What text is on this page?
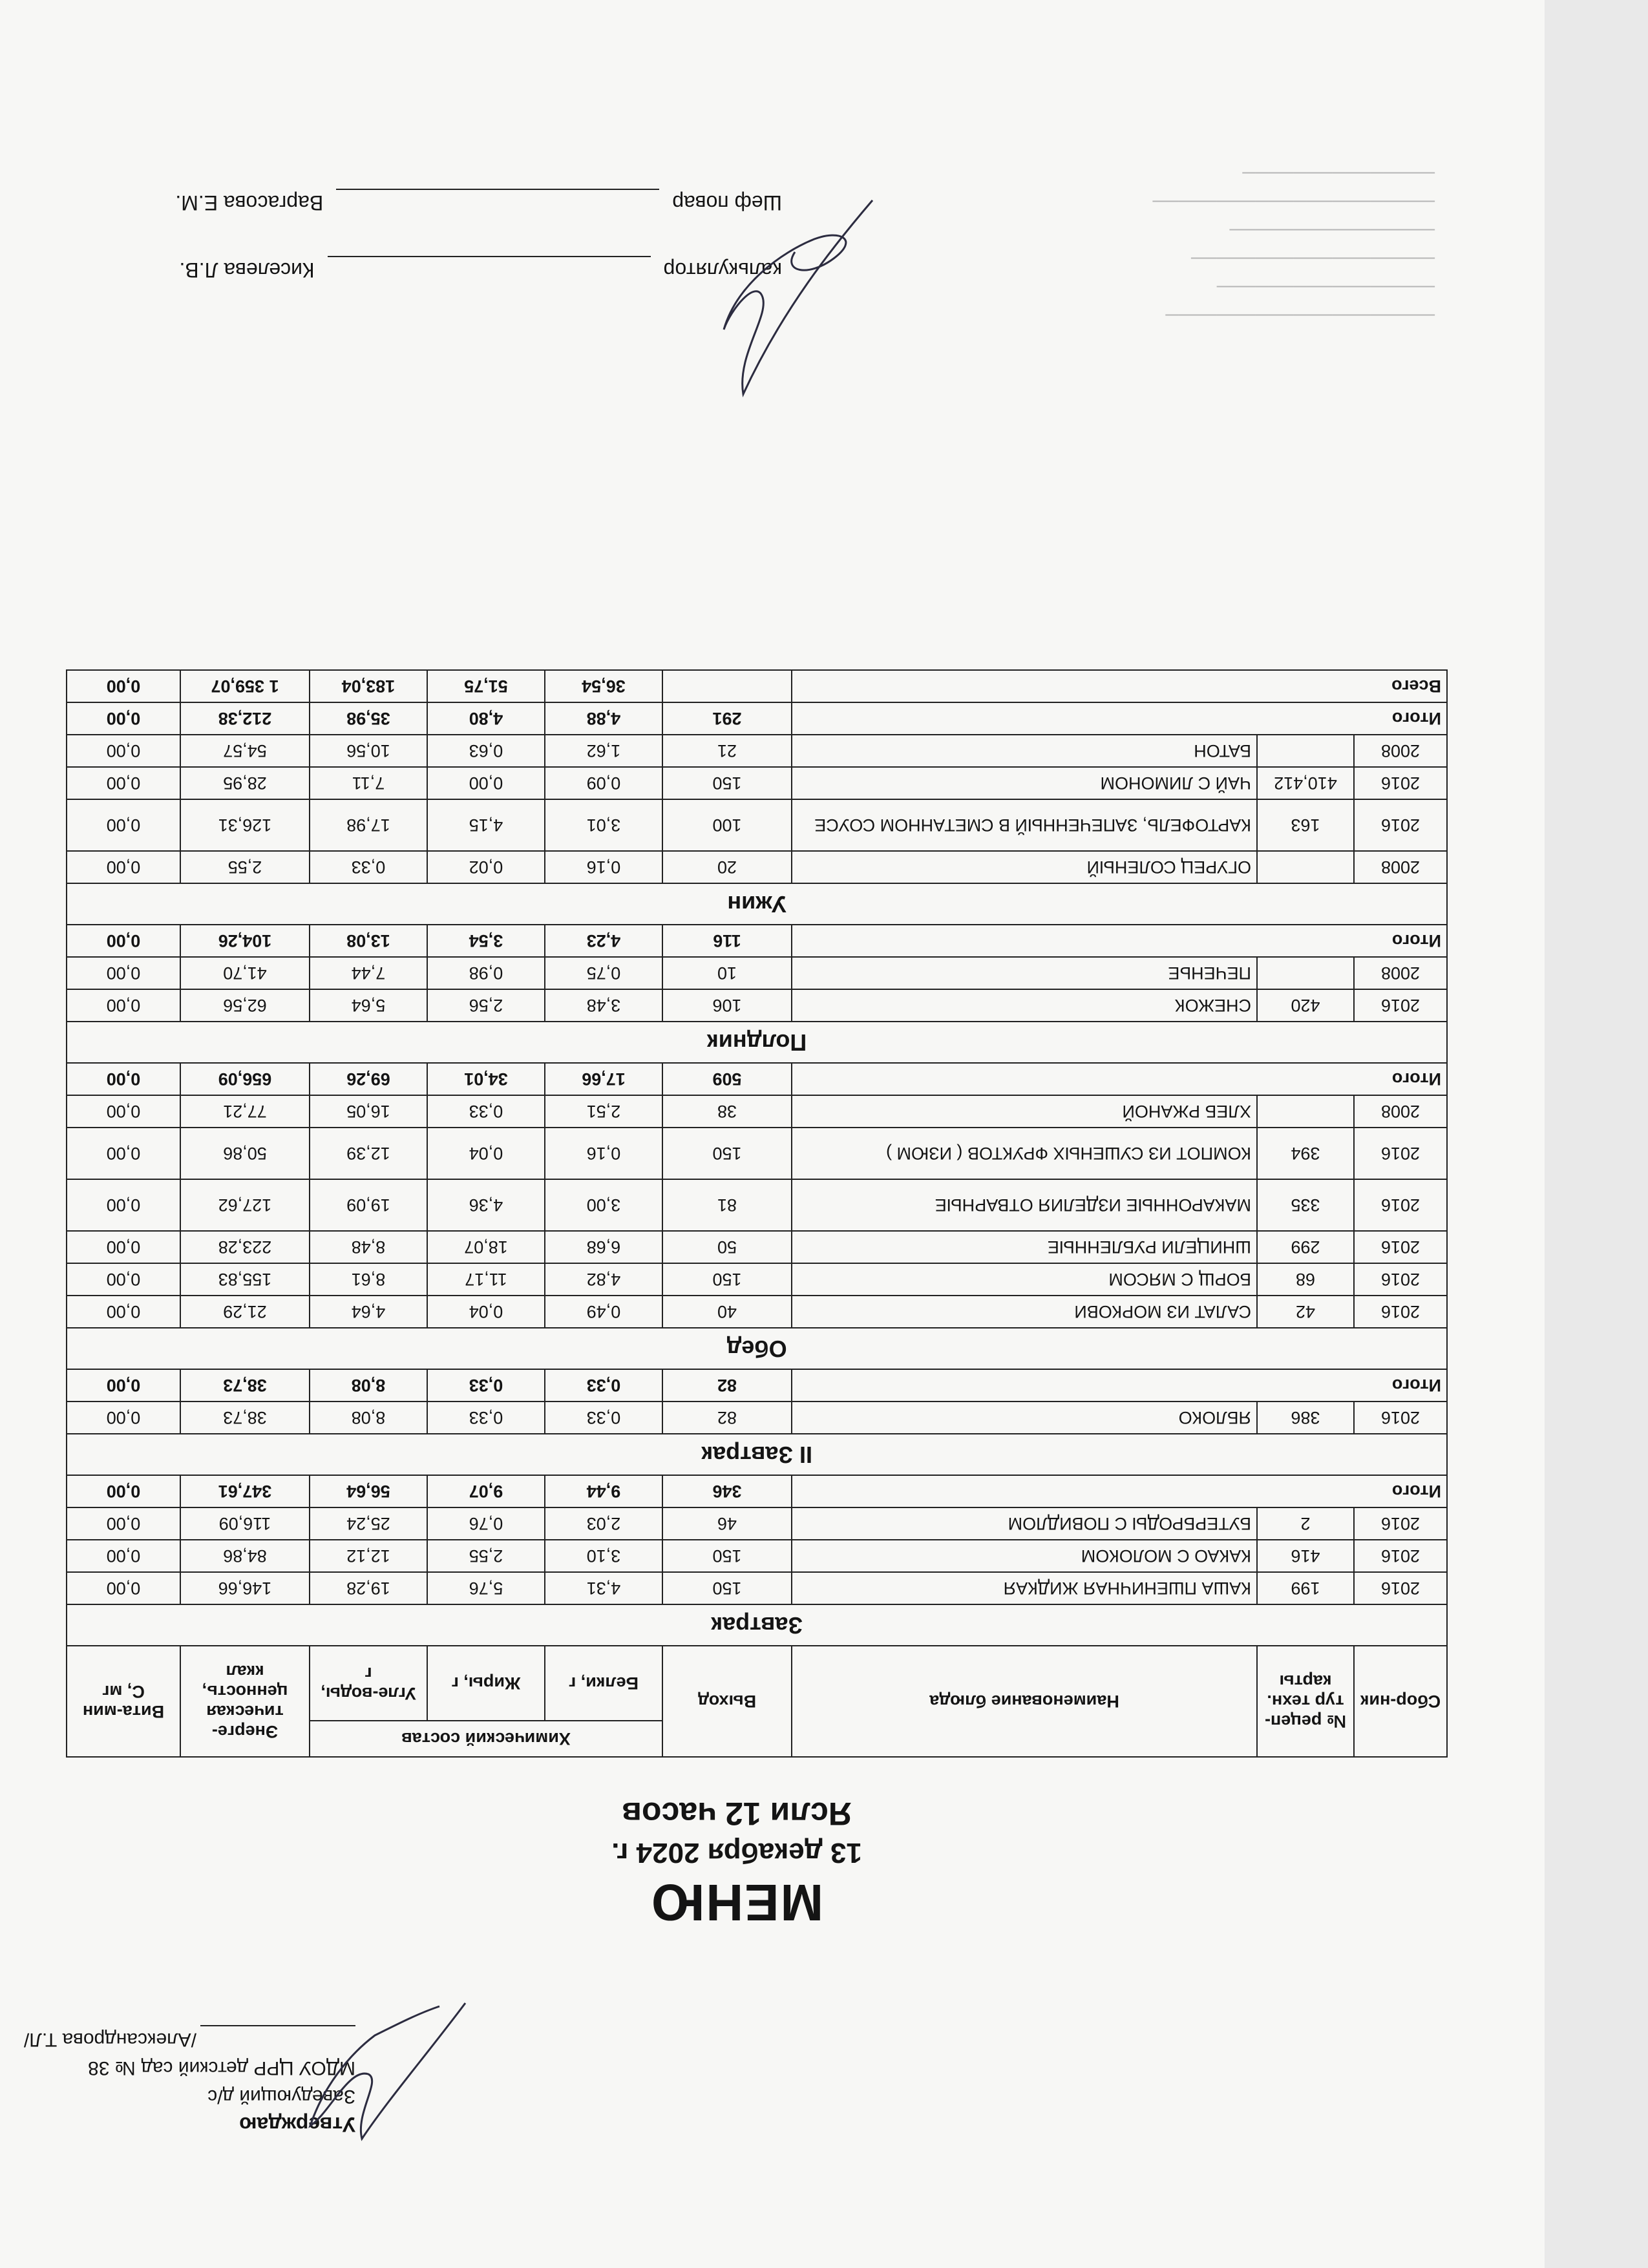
─────────────────────
─────────────────
───────────────────
────────────────
──────────────────────
───────────────
Утверждаю
Заведующий д/с
МДОУ ЦРР детский сад № 38
/Александрова Т.Л/
МЕНЮ
13 декабря 2024 г.
Ясли 12 часов
Сбор-ник	№ рецеп-тур техн. карты	Наименование блюда	Выход	Химический состав			Энерге-тическая ценность, ккал	Вита-мин С, мг
				Белки, г	Жиры, г	Угле-воды, г		
Завтрак								
2016	199	КАША ПШЕНИЧНАЯ ЖИДКАЯ	150	4,31	5,76	19,28	146,66	0,00
2016	416	КАКАО С МОЛОКОМ	150	3,10	2,55	12,12	84,86	0,00
2016	2	БУТЕРБРОДЫ С ПОВИДЛОМ	46	2,03	0,76	25,24	116,09	0,00
Итого			346	9,44	9,07	56,64	347,61	0,00
II Завтрак								
2016	386	ЯБЛОКО	82	0,33	0,33	8,08	38,73	0,00
Итого			82	0,33	0,33	8,08	38,73	0,00
Обед								
2016	42	САЛАТ ИЗ МОРКОВИ	40	0,49	0,04	4,64	21,29	0,00
2016	68	БОРЩ С МЯСОМ	150	4,82	11,17	8,61	155,83	0,00
2016	299	ШНИЦЕЛИ РУБЛЕННЫЕ	50	6,68	18,07	8,48	223,28	0,00
2016	335	МАКАРОННЫЕ ИЗДЕЛИЯ ОТВАРНЫЕ	81	3,00	4,36	19,09	127,62	0,00
2016	394	КОМПОТ ИЗ СУШЕНЫХ ФРУКТОВ ( ИЗЮМ )	150	0,16	0,04	12,39	50,86	0,00
2008		ХЛЕБ РЖАНОЙ	38	2,51	0,33	16,05	77,21	0,00
Итого			509	17,66	34,01	69,26	656,09	0,00
Полдник								
2016	420	СНЕЖОК	106	3,48	2,56	5,64	62,56	0,00
2008		ПЕЧЕНЬЕ	10	0,75	0,98	7,44	41,70	0,00
Итого			116	4,23	3,54	13,08	104,26	0,00
Ужин								
2008		ОГУРЕЦ СОЛЕНЫЙ	20	0,16	0,02	0,33	2,55	0,00
2016	163	КАРТОФЕЛЬ, ЗАПЕЧЕННЫЙ В СМЕТАННОМ СОУСЕ	100	3,01	4,15	17,98	126,31	0,00
2016	410,412	ЧАЙ С ЛИМОНОМ	150	0,09	0,00	7,11	28,95	0,00
2008		БАТОН	21	1,62	0,63	10,56	54,57	0,00
Итого			291	4,88	4,80	35,98	212,38	0,00
Всего				36,54	51,75	183,04	1 359,07	0,00
калькуляторКиселева Л.В.
Шеф поварВаргасова Е.М.
